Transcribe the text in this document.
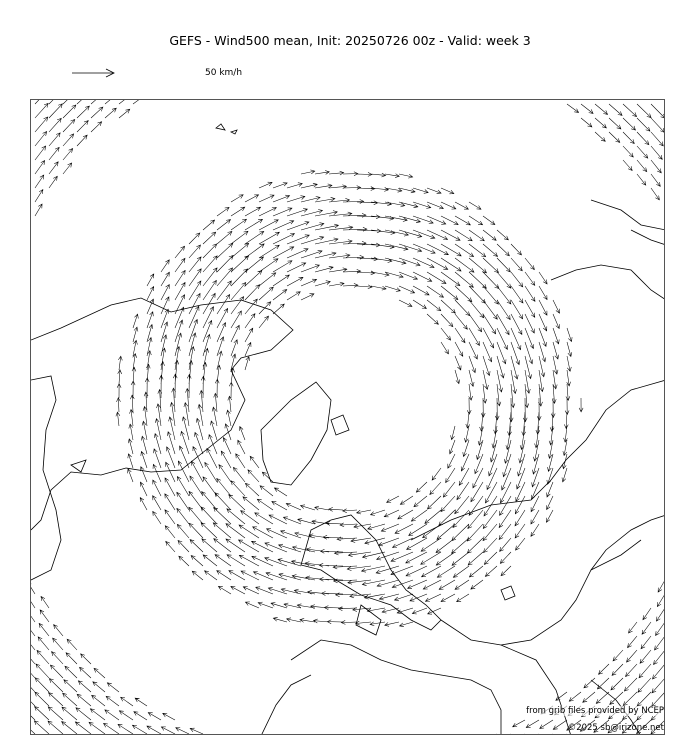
GEFS - Wind500 mean, Init: 20250726 00z - Valid: week 3
50 km/h
from grib files provided by NCEP
©2025 sb@irizone.net
